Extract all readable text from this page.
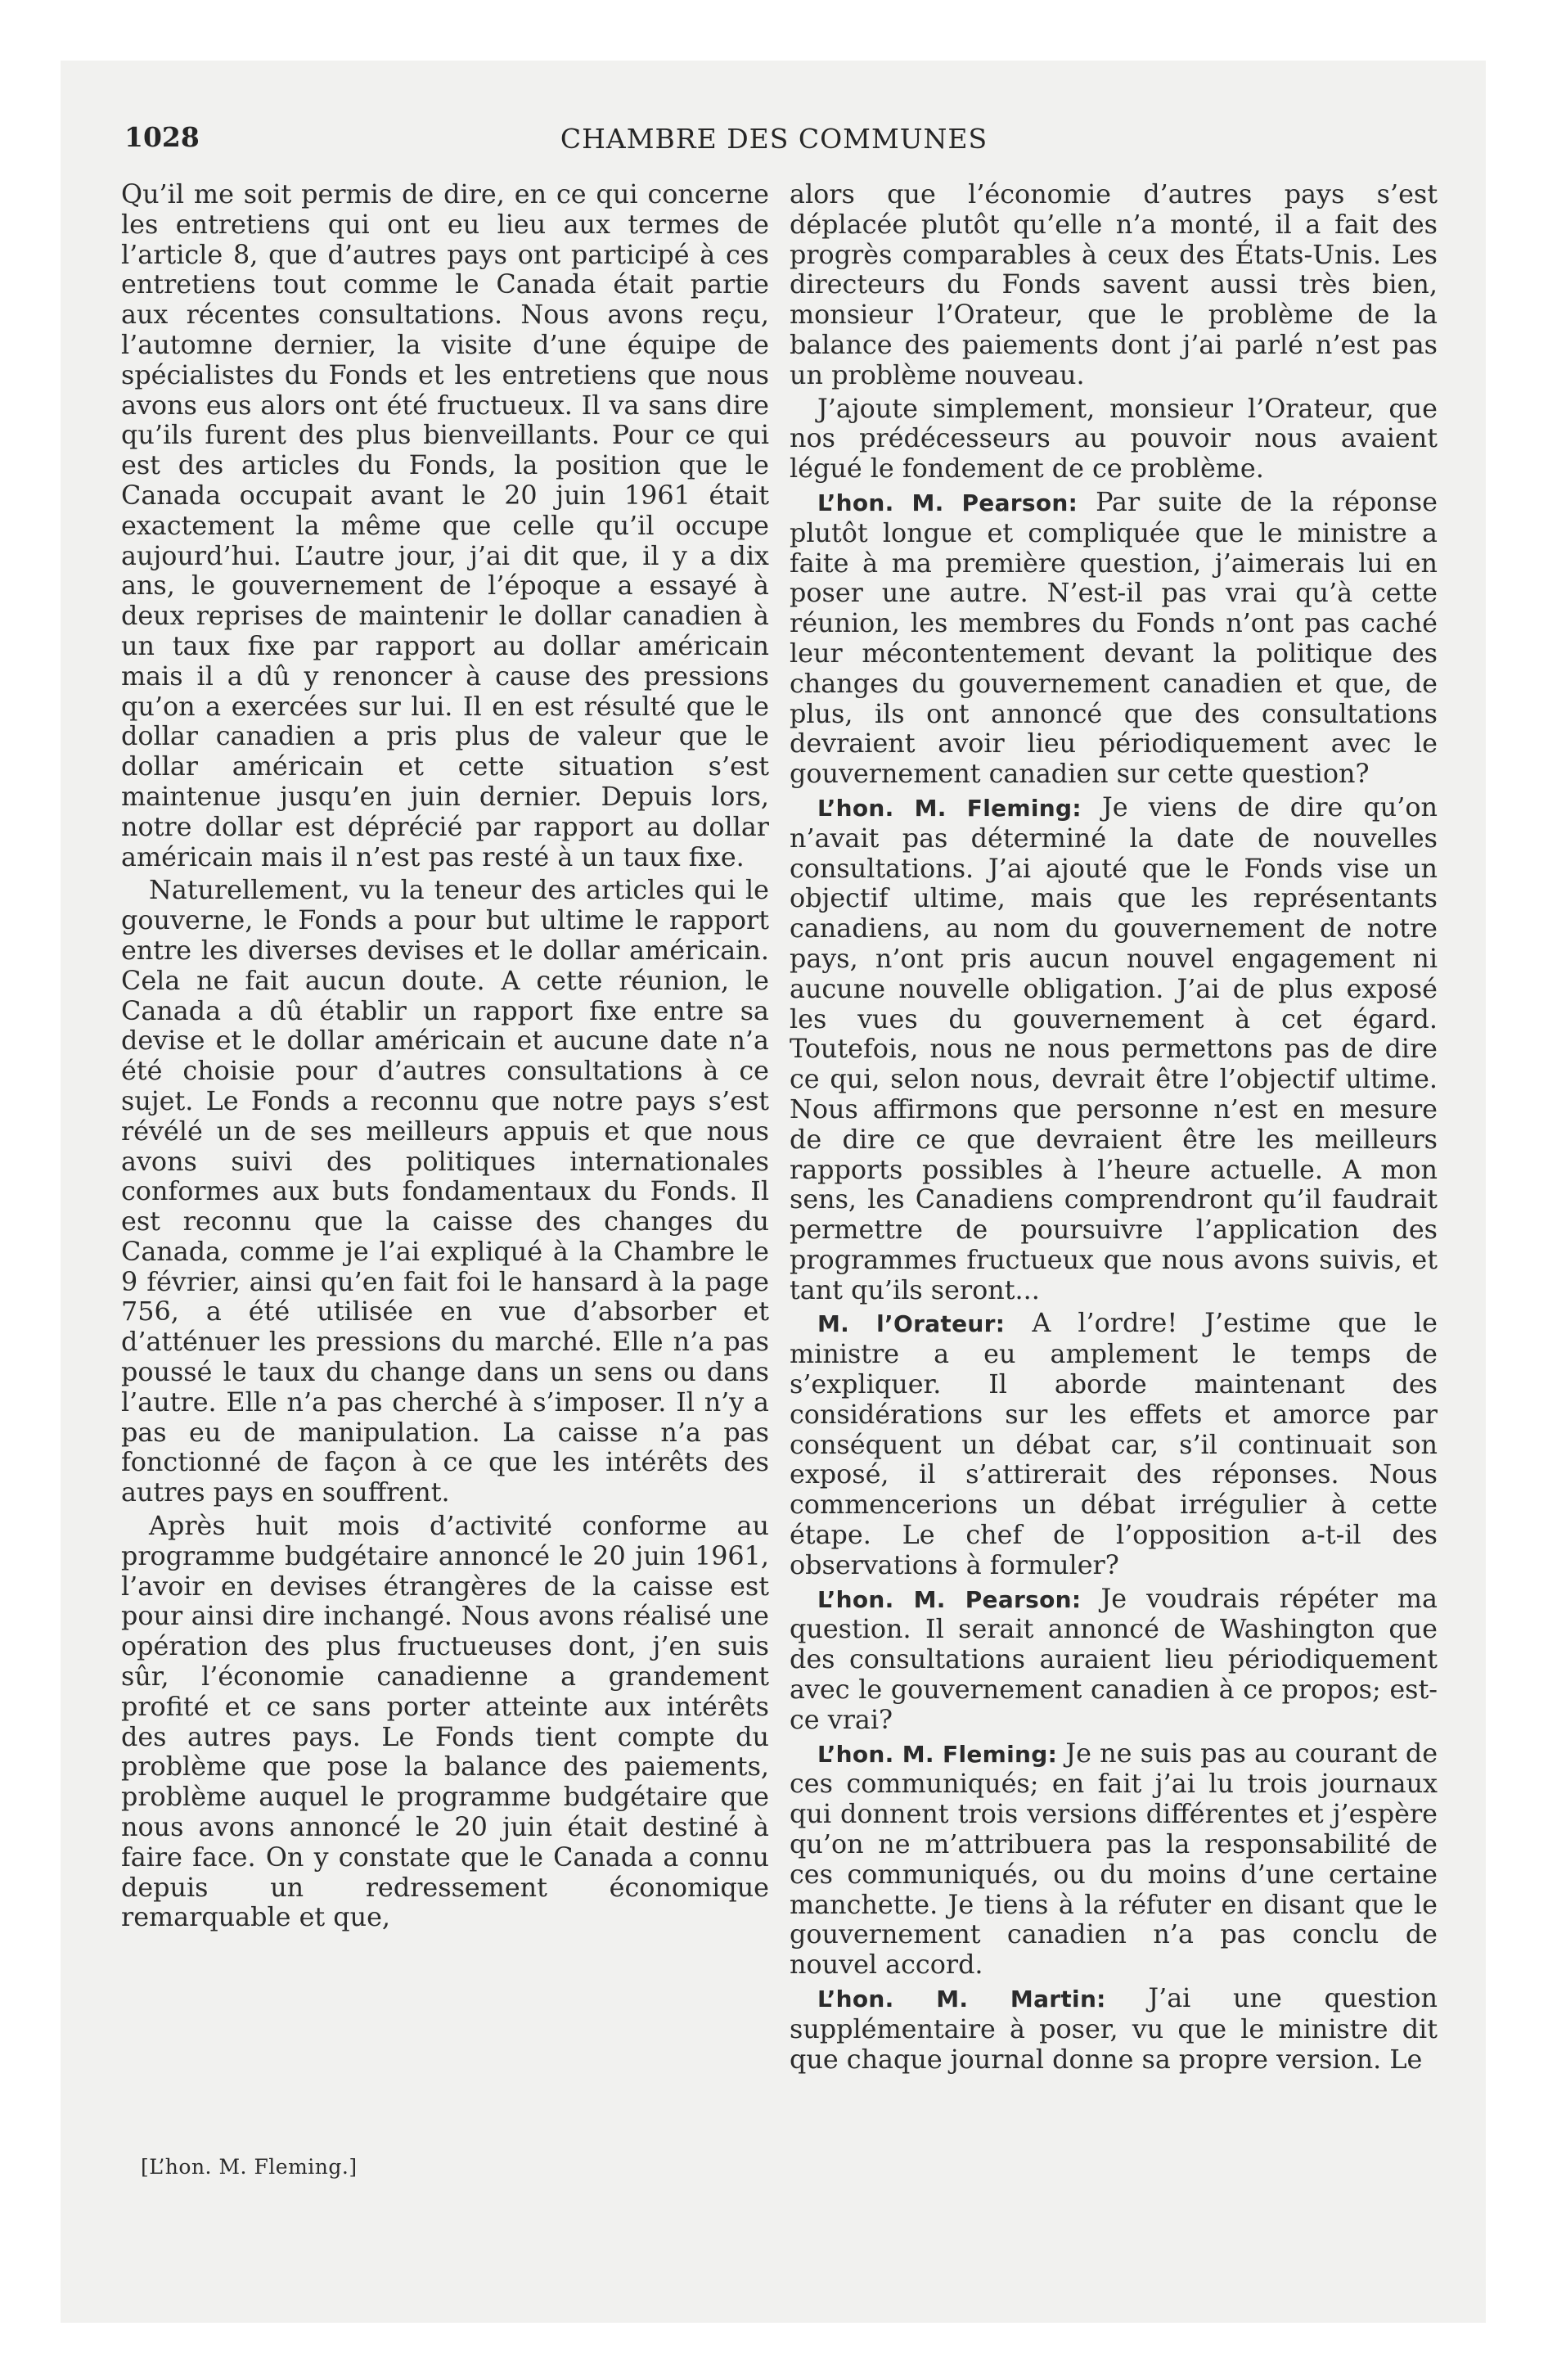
1028	CHAMBRE DES COMMUNES

Qu’il me soit permis de dire, en ce qui concerne les entretiens qui ont eu lieu aux termes de l’article 8, que d’autres pays ont participé à ces entretiens tout comme le Canada était partie aux récentes consultations. Nous avons reçu, l’automne dernier, la visite d’une équipe de spécialistes du Fonds et les entretiens que nous avons eus alors ont été fructueux. Il va sans dire qu’ils furent des plus bienveillants. Pour ce qui est des articles du Fonds, la position que le Canada occupait avant le 20 juin 1961 était exactement la même que celle qu’il occupe aujourd’hui. L’autre jour, j’ai dit que, il y a dix ans, le gouvernement de l’époque a essayé à deux reprises de maintenir le dollar canadien à un taux fixe par rapport au dollar américain mais il a dû y renoncer à cause des pressions qu’on a exercées sur lui. Il en est résulté que le dollar canadien a pris plus de valeur que le dollar américain et cette situation s’est maintenue jusqu’en juin dernier. Depuis lors, notre dollar est déprécié par rapport au dollar américain mais il n’est pas resté à un taux fixe.

Naturellement, vu la teneur des articles qui le gouverne, le Fonds a pour but ultime le rapport entre les diverses devises et le dollar américain. Cela ne fait aucun doute. A cette réunion, le Canada a dû établir un rapport fixe entre sa devise et le dollar américain et aucune date n’a été choisie pour d’autres consultations à ce sujet. Le Fonds a reconnu que notre pays s’est révélé un de ses meilleurs appuis et que nous avons suivi des politiques internationales conformes aux buts fondamentaux du Fonds. Il est reconnu que la caisse des changes du Canada, comme je l’ai expliqué à la Chambre le 9 février, ainsi qu’en fait foi le hansard à la page 756, a été utilisée en vue d’absorber et d’atténuer les pressions du marché. Elle n’a pas poussé le taux du change dans un sens ou dans l’autre. Elle n’a pas cherché à s’imposer. Il n’y a pas eu de manipulation. La caisse n’a pas fonctionné de façon à ce que les intérêts des autres pays en souffrent.

Après huit mois d’activité conforme au programme budgétaire annoncé le 20 juin 1961, l’avoir en devises étrangères de la caisse est pour ainsi dire inchangé. Nous avons réalisé une opération des plus fructueuses dont, j’en suis sûr, l’économie canadienne a grandement profité et ce sans porter atteinte aux intérêts des autres pays. Le Fonds tient compte du problème que pose la balance des paiements, problème auquel le programme budgétaire que nous avons annoncé le 20 juin était destiné à faire face. On y constate que le Canada a connu depuis un redressement économique remarquable et que,

[L’hon. M. Fleming.]

alors que l’économie d’autres pays s’est déplacée plutôt qu’elle n’a monté, il a fait des progrès comparables à ceux des États-Unis. Les directeurs du Fonds savent aussi très bien, monsieur l’Orateur, que le problème de la balance des paiements dont j’ai parlé n’est pas un problème nouveau.

J’ajoute simplement, monsieur l’Orateur, que nos prédécesseurs au pouvoir nous avaient légué le fondement de ce problème.

L’hon. M. Pearson: Par suite de la réponse plutôt longue et compliquée que le ministre a faite à ma première question, j’aimerais lui en poser une autre. N’est-il pas vrai qu’à cette réunion, les membres du Fonds n’ont pas caché leur mécontentement devant la politique des changes du gouvernement canadien et que, de plus, ils ont annoncé que des consultations devraient avoir lieu périodiquement avec le gouvernement canadien sur cette question?

L’hon. M. Fleming: Je viens de dire qu’on n’avait pas déterminé la date de nouvelles consultations. J’ai ajouté que le Fonds vise un objectif ultime, mais que les représentants canadiens, au nom du gouvernement de notre pays, n’ont pris aucun nouvel engagement ni aucune nouvelle obligation. J’ai de plus exposé les vues du gouvernement à cet égard. Toutefois, nous ne nous permettons pas de dire ce qui, selon nous, devrait être l’objectif ultime. Nous affirmons que personne n’est en mesure de dire ce que devraient être les meilleurs rapports possibles à l’heure actuelle. A mon sens, les Canadiens comprendront qu’il faudrait permettre de poursuivre l’application des programmes fructueux que nous avons suivis, et tant qu’ils seront...

M. l’Orateur: A l’ordre! J’estime que le ministre a eu amplement le temps de s’expliquer. Il aborde maintenant des considérations sur les effets et amorce par conséquent un débat car, s’il continuait son exposé, il s’attirerait des réponses. Nous commencerions un débat irrégulier à cette étape. Le chef de l’opposition a-t-il des observations à formuler?

L’hon. M. Pearson: Je voudrais répéter ma question. Il serait annoncé de Washington que des consultations auraient lieu périodiquement avec le gouvernement canadien à ce propos; est-ce vrai?

L’hon. M. Fleming: Je ne suis pas au courant de ces communiqués; en fait j’ai lu trois journaux qui donnent trois versions différentes et j’espère qu’on ne m’attribuera pas la responsabilité de ces communiqués, ou du moins d’une certaine manchette. Je tiens à la réfuter en disant que le gouvernement canadien n’a pas conclu de nouvel accord.

L’hon. M. Martin: J’ai une question supplémentaire à poser, vu que le ministre dit que chaque journal donne sa propre version. Le
